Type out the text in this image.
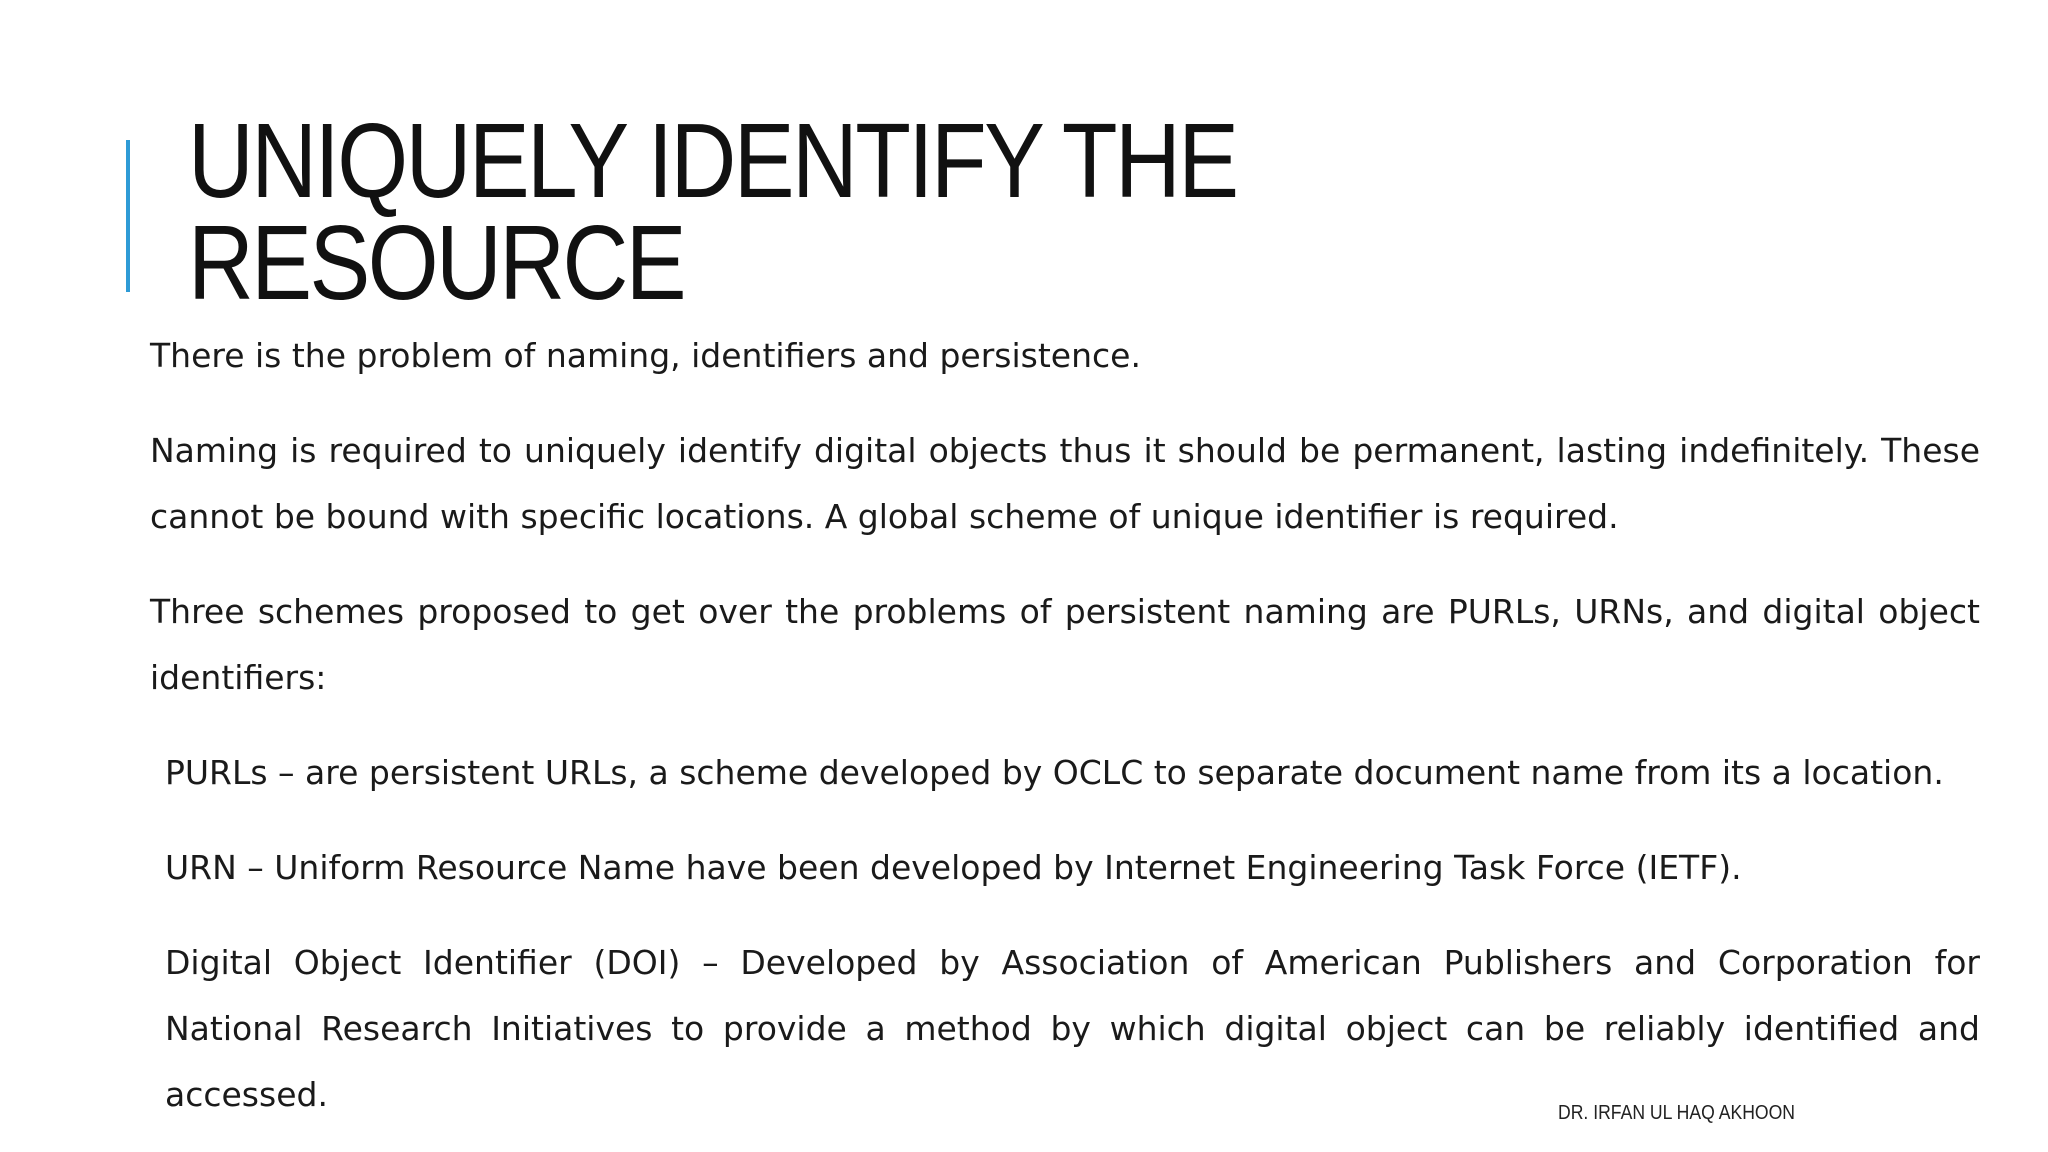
UNIQUELY IDENTIFY THE
RESOURCE

There is the problem of naming, identifiers and persistence.

Naming is required to uniquely identify digital objects thus it should be permanent, lasting indefinitely. These cannot be bound with specific locations. A global scheme of unique identifier is required.

Three schemes proposed to get over the problems of persistent naming are PURLs, URNs, and digital object identifiers:

PURLs – are persistent URLs, a scheme developed by OCLC to separate document name from its a location.

URN – Uniform Resource Name have been developed by Internet Engineering Task Force (IETF).

Digital Object Identifier (DOI) – Developed by Association of American Publishers and Corporation for National Research Initiatives to provide a method by which digital object can be reliably identified and accessed.	DR. IRFAN UL HAQ AKHOON
